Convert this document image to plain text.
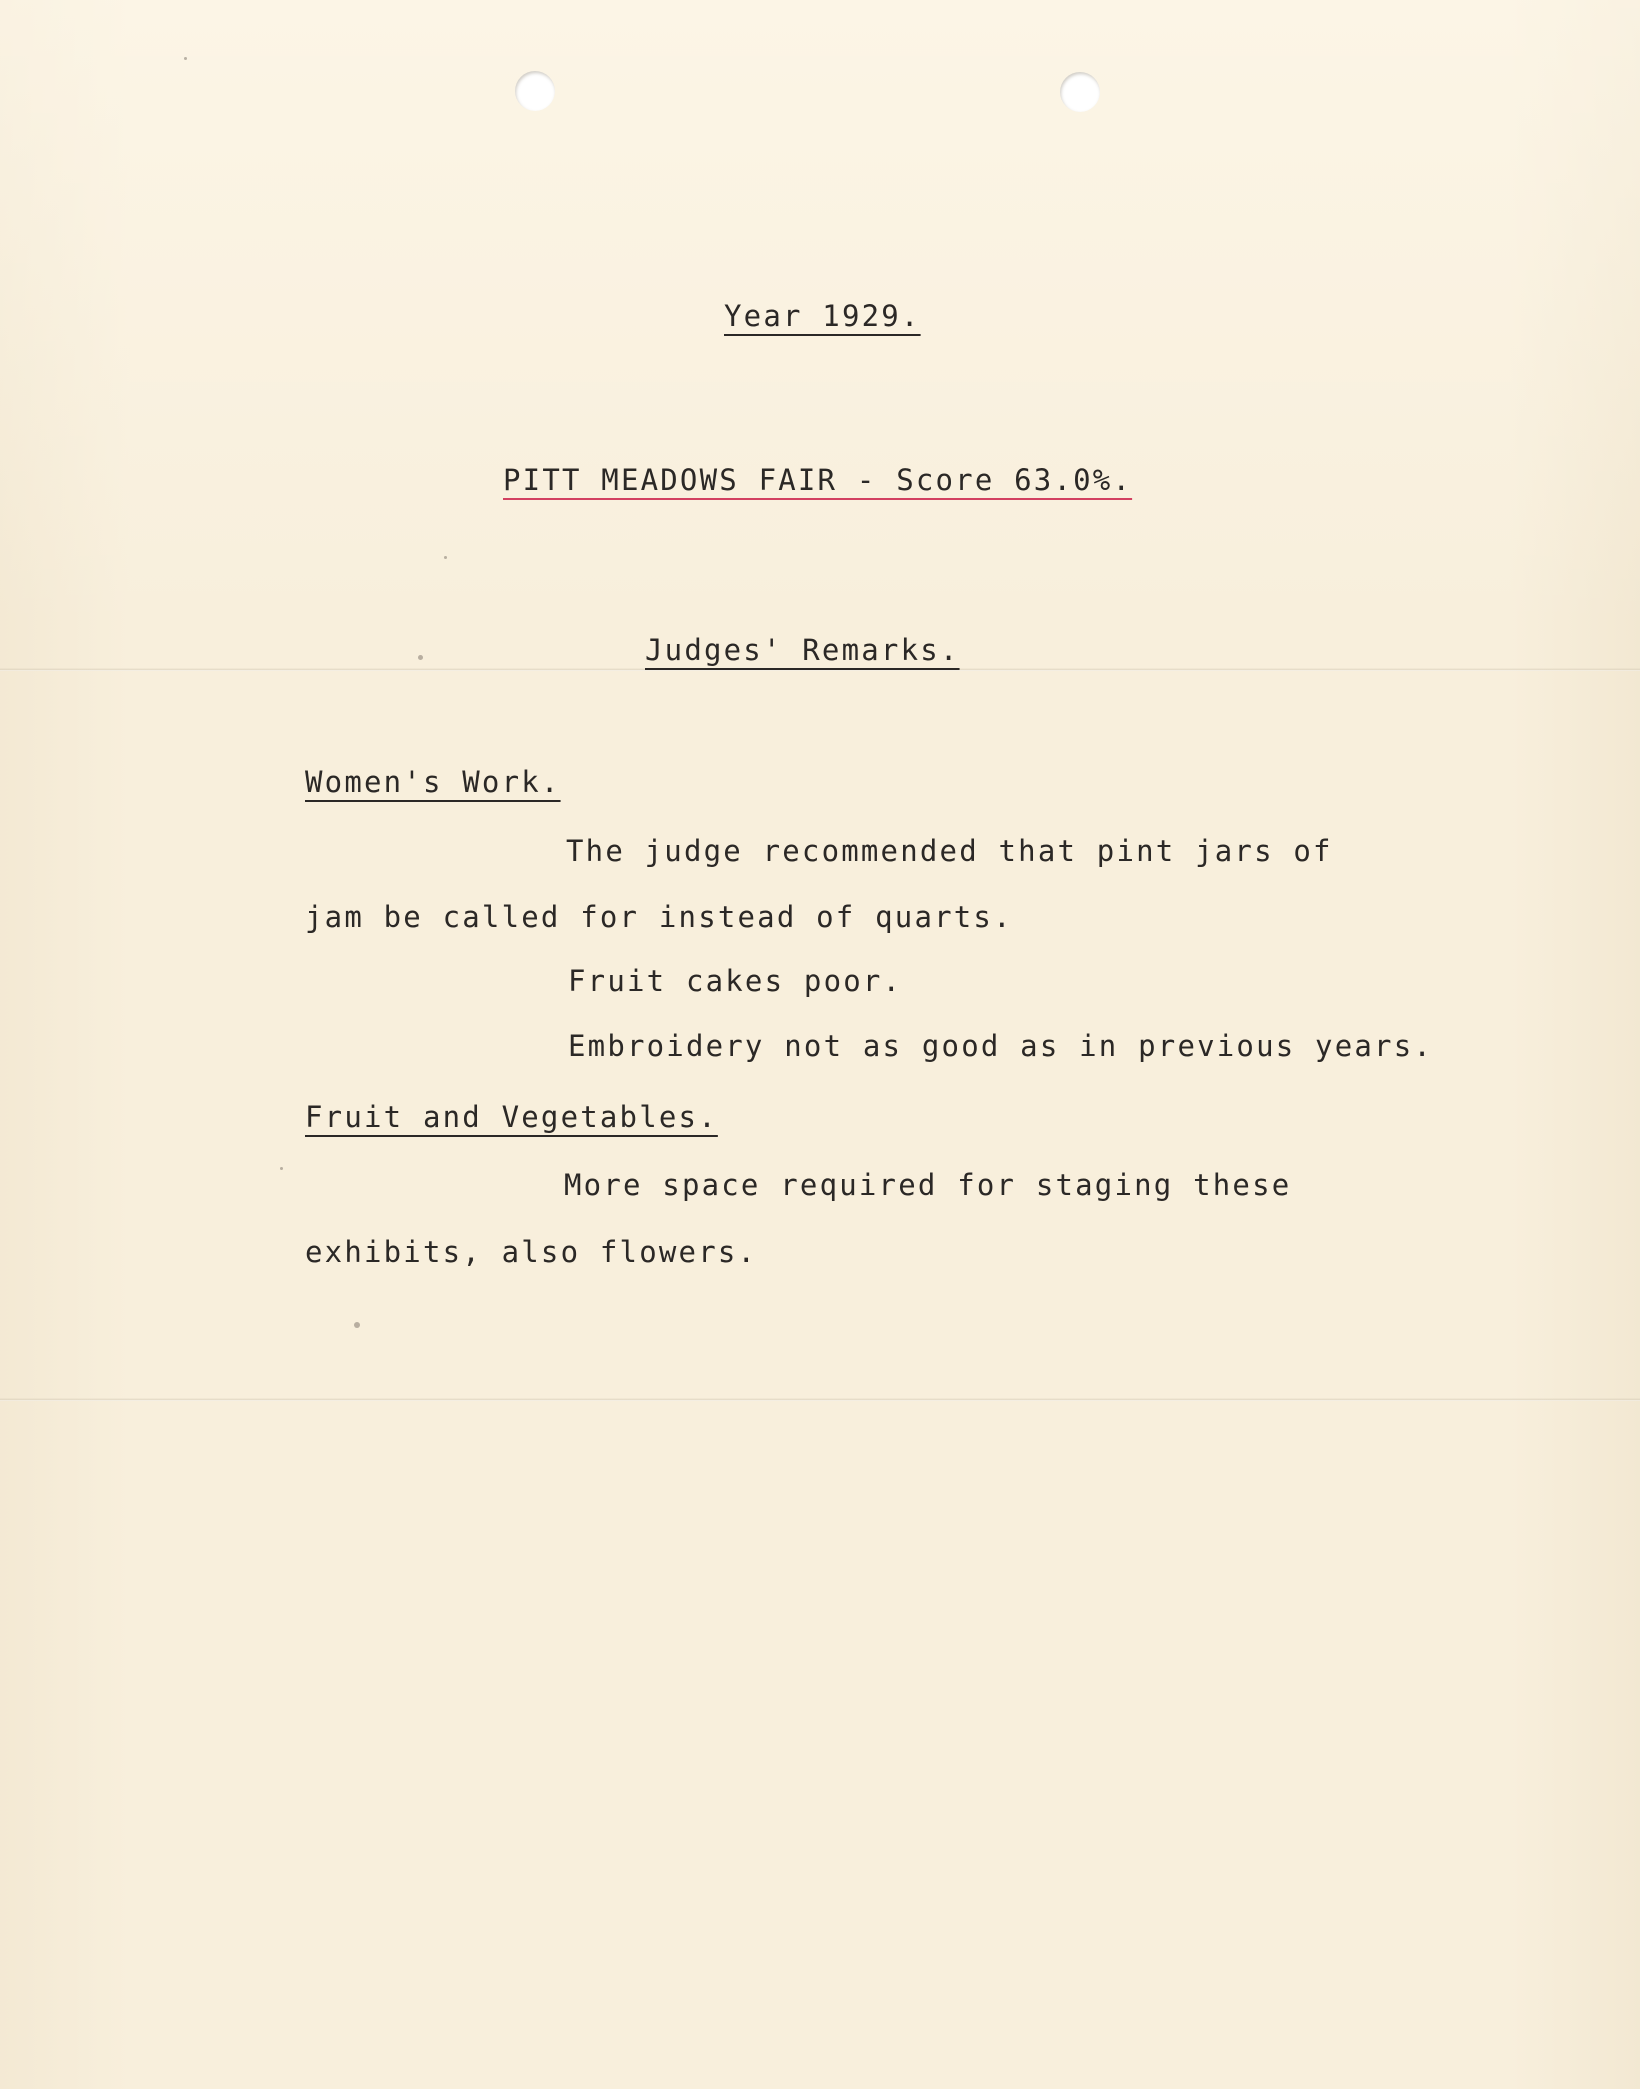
Year 1929.
PITT MEADOWS FAIR - Score 63.0%.
Judges' Remarks.
Women's Work.
The judge recommended that pint jars of
jam be called for instead of quarts.
Fruit cakes poor.
Embroidery not as good as in previous years.
Fruit and Vegetables.
More space required for staging these
exhibits, also flowers.
